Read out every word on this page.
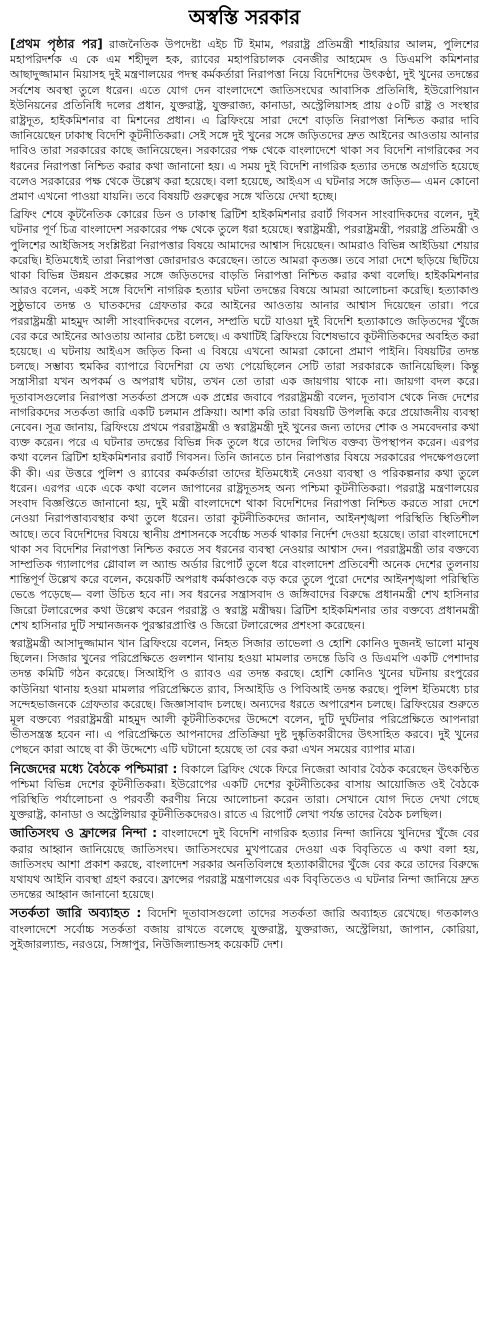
অস্বস্তি সরকার
[প্রথম পৃষ্ঠার পর] রাজনৈতিক উপদেষ্টা এইচ টি ইমাম, পররাষ্ট্র প্রতিমন্ত্রী শাহরিয়ার আলম, পুলিশের মহাপরিদর্শক এ কে এম শহীদুল হক, র‍্যাবের মহাপরিচালক বেনজীর আহমেদ ও ডিএমপি কমিশনার আছাদুজ্জামান মিয়াসহ দুই মন্ত্রণালয়ের পদস্থ কর্মকর্তারা নিরাপত্তা নিয়ে বিদেশিদের উৎকণ্ঠা, দুই খুনের তদন্তের সর্বশেষ অবস্থা তুলে ধরেন। এতে যোগ দেন বাংলাদেশে জাতিসংঘের আবাসিক প্রতিনিধি, ইউরোপিয়ান ইউনিয়নের প্রতিনিধি দলের প্রধান, যুক্তরাষ্ট্র, যুক্তরাজ্য, কানাডা, অস্ট্রেলিয়াসহ প্রায় ৫০টি রাষ্ট্র ও সংস্থার রাষ্ট্রদূত, হাইকমিশনার বা মিশনের প্রধান। এ ব্রিফিংয়ে সারা দেশে বাড়তি নিরাপত্তা নিশ্চিত করার দাবি জানিয়েছেন ঢাকাস্থ বিদেশি কূটনীতিকরা। সেই সঙ্গে দুই খুনের সঙ্গে জড়িতদের দ্রুত আইনের আওতায় আনার দাবিও তারা সরকারের কাছে জানিয়েছেন। সরকারের পক্ষ থেকে বাংলাদেশে থাকা সব বিদেশি নাগরিকের সব ধরনের নিরাপত্তা নিশ্চিত করার কথা জানানো হয়। এ সময় দুই বিদেশি নাগরিক হত্যার তদন্তে অগ্রগতি হয়েছে বলেও সরকারের পক্ষ থেকে উল্লেখ করা হয়েছে। বলা হয়েছে, আইএস এ ঘটনার সঙ্গে জড়িত— এমন কোনো প্রমাণ এখনো পাওয়া যায়নি। তবে বিষয়টি গুরুত্বের সঙ্গে খতিয়ে দেখা হচ্ছে।
ব্রিফিং শেষে কূটনৈতিক কোরের ডিন ও ঢাকাস্থ ব্রিটিশ হাইকমিশনার রবার্ট গিবসন সাংবাদিকদের বলেন, দুই ঘটনার পূর্ণ চিত্র বাংলাদেশ সরকারের পক্ষ থেকে তুলে ধরা হয়েছে। স্বরাষ্ট্রমন্ত্রী, পররাষ্ট্রমন্ত্রী, পররাষ্ট্র প্রতিমন্ত্রী ও পুলিশের আইজিসহ সংশ্লিষ্টরা নিরাপত্তার বিষয়ে আমাদের আশ্বাস দিয়েছেন। আমরাও বিভিন্ন আইডিয়া শেয়ার করেছি। ইতিমধ্যেই তারা নিরাপত্তা জোরদারও করেছেন। তাতে আমরা কৃতজ্ঞ। তবে সারা দেশে ছড়িয়ে ছিটিয়ে থাকা বিভিন্ন উন্নয়ন প্রকল্পের সঙ্গে জড়িতদের বাড়তি নিরাপত্তা নিশ্চিত করার কথা বলেছি। হাইকমিশনার আরও বলেন, একই সঙ্গে বিদেশি নাগরিক হত্যার ঘটনা তদন্তের বিষয়ে আমরা আলোচনা করেছি। হত্যাকাণ্ড সুষ্ঠুভাবে তদন্ত ও ঘাতকদের গ্রেফতার করে আইনের আওতায় আনার আশ্বাস দিয়েছেন তারা। পরে পররাষ্ট্রমন্ত্রী মাহমুদ আলী সাংবাদিকদের বলেন, সম্প্রতি ঘটে যাওয়া দুই বিদেশি হত্যাকাণ্ডে জড়িতদের খুঁজে বের করে আইনের আওতায় আনার চেষ্টা চলছে। এ কথাটিই ব্রিফিংয়ে বিশেষভাবে কূটনীতিকদের অবহিত করা হয়েছে। এ ঘটনায় আইএস জড়িত কিনা এ বিষয়ে এখনো আমরা কোনো প্রমাণ পাইনি। বিষয়টির তদন্ত চলছে। সম্ভাব্য হুমকির ব্যাপারে বিদেশিরা যে তথ্য পেয়েছিলেন সেটি তারা সরকারকে জানিয়েছিল। কিন্তু সন্ত্রাসীরা যখন অপকর্ম ও অপরাধ ঘটায়, তখন তো তারা এক জায়গায় থাকে না। জায়গা বদল করে। দূতাবাসগুলোর নিরাপত্তা সতর্কতা প্রসঙ্গে এক প্রশ্নের জবাবে পররাষ্ট্রমন্ত্রী বলেন, দূতাবাস থেকে নিজ দেশের নাগরিকদের সতর্কতা জারি একটি চলমান প্রক্রিয়া। আশা করি তারা বিষয়টি উপলব্ধি করে প্রয়োজনীয় ব্যবস্থা নেবেন। সূত্র জানায়, ব্রিফিংয়ে প্রথমে পররাষ্ট্রমন্ত্রী ও স্বরাষ্ট্রমন্ত্রী দুই খুনের জন্য তাদের শোক ও সমবেদনার কথা ব্যক্ত করেন। পরে এ ঘটনার তদন্তের বিভিন্ন দিক তুলে ধরে তাদের লিখিত বক্তব্য উপস্থাপন করেন। এরপর কথা বলেন ব্রিটিশ হাইকমিশনার রবার্ট গিবসন। তিনি জানতে চান নিরাপত্তার বিষয়ে সরকারের পদক্ষেপগুলো কী কী। এর উত্তরে পুলিশ ও র‍্যাবের কর্মকর্তারা তাদের ইতিমধ্যেই নেওয়া ব্যবস্থা ও পরিকল্পনার কথা তুলে ধরেন। এরপর একে একে কথা বলেন জাপানের রাষ্ট্রদূতসহ অন্য পশ্চিমা কূটনীতিকরা। পররাষ্ট্র মন্ত্রণালয়ের সংবাদ বিজ্ঞপ্তিতে জানানো হয়, দুই মন্ত্রী বাংলাদেশে থাকা বিদেশিদের নিরাপত্তা নিশ্চিত করতে সারা দেশে নেওয়া নিরাপত্তাব্যবস্থার কথা তুলে ধরেন। তারা কূটনীতিকদের জানান, আইনশৃঙ্খলা পরিস্থিতি স্থিতিশীল আছে। তবে বিদেশিদের বিষয়ে স্থানীয় প্রশাসনকে সর্বোচ্চ সতর্ক থাকার নির্দেশ দেওয়া হয়েছে। তারা বাংলাদেশে থাকা সব বিদেশির নিরাপত্তা নিশ্চিত করতে সব ধরনের ব্যবস্থা নেওয়ার আশ্বাস দেন। পররাষ্ট্রমন্ত্রী তার বক্তব্যে সাম্প্রতিক গ্যালাপের গ্লোবাল ল অ্যান্ড অর্ডার রিপোর্ট তুলে ধরে বাংলাদেশ প্রতিবেশী অনেক দেশের তুলনায় শান্তিপূর্ণ উল্লেখ করে বলেন, কয়েকটি অপরাধ কর্মকাণ্ডকে বড় করে তুলে পুরো দেশের আইনশৃঙ্খলা পরিস্থিতি ভেঙে পড়েছে— বলা উচিত হবে না। সব ধরনের সন্ত্রাসবাদ ও জঙ্গিবাদের বিরুদ্ধে প্রধানমন্ত্রী শেখ হাসিনার জিরো টলারেন্সের কথা উল্লেখ করেন পররাষ্ট্র ও স্বরাষ্ট্র মন্ত্রীদ্বয়। ব্রিটিশ হাইকমিশনার তার বক্তব্যে প্রধানমন্ত্রী শেখ হাসিনার দুটি সম্মানজনক পুরস্কারপ্রাপ্তি ও জিরো টলারেন্সের প্রশংসা করেছেন।
স্বরাষ্ট্রমন্ত্রী আসাদুজ্জামান খান ব্রিফিংয়ে বলেন, নিহত সিজার তাভেলা ও হোশি কোনিও দুজনই ভালো মানুষ ছিলেন। সিজার খুনের পরিপ্রেক্ষিতে গুলশান থানায় হওয়া মামলার তদন্তে ডিবি ও ডিএমপি একটি পেশাদার তদন্ত কমিটি গঠন করেছে। সিআইপি ও র‍্যাবও এর তদন্ত করছে। হোশি কোনিও খুনের ঘটনায় রংপুরের কাউনিয়া থানায় হওয়া মামলার পরিপ্রেক্ষিতে র‍্যাব, সিআইডি ও পিবিআই তদন্ত করছে। পুলিশ ইতিমধ্যে চার সন্দেহভাজনকে গ্রেফতার করেছে। জিজ্ঞাসাবাদ চলছে। অন্যদের ধরতে অপারেশন চলছে। ব্রিফিংয়ের শুরুতে মূল বক্তব্যে পররাষ্ট্রমন্ত্রী মাহমুদ আলী কূটনীতিকদের উদ্দেশে বলেন, দুটি দুর্ঘটনার পরিপ্রেক্ষিতে আপনারা ভীতসন্ত্রস্ত হবেন না। এ পরিপ্রেক্ষিতে আপনাদের প্রতিক্রিয়া দুষ্ট দুষ্কৃতিকারীদের উৎসাহিত করবে। দুই খুনের পেছনে কারা আছে বা কী উদ্দেশ্যে এটি ঘটানো হয়েছে তা বের করা এখন সময়ের ব্যাপার মাত্র।
নিজেদের মধ্যে বৈঠকে পশ্চিমারা : বিকালে ব্রিফিং থেকে ফিরে নিজেরা আবার বৈঠক করেছেন উৎকণ্ঠিত পশ্চিমা বিভিন্ন দেশের কূটনীতিকরা। ইউরোপের একটি দেশের কূটনীতিকের বাসায় আয়োজিত ওই বৈঠকে পরিস্থিতি পর্যালোচনা ও পরবর্তী করণীয় নিয়ে আলোচনা করেন তারা। সেখানে যোগ দিতে দেখা গেছে যুক্তরাষ্ট্র, কানাডা ও অস্ট্রেলিয়ার কূটনীতিকদেরও। রাতে এ রিপোর্ট লেখা পর্যন্ত তাদের বৈঠক চলছিল।
জাতিসংঘ ও ফ্রান্সের নিন্দা : বাংলাদেশে দুই বিদেশি নাগরিক হত্যার নিন্দা জানিয়ে খুনিদের খুঁজে বের করার আহ্বান জানিয়েছে জাতিসংঘ। জাতিসংঘের মুখপাত্রের দেওয়া এক বিবৃতিতে এ কথা বলা হয়, জাতিসংঘ আশা প্রকাশ করছে, বাংলাদেশ সরকার অনতিবিলম্বে হত্যাকারীদের খুঁজে বের করে তাদের বিরুদ্ধে যথাযথ আইনি ব্যবস্থা গ্রহণ করবে। ফ্রান্সের পররাষ্ট্র মন্ত্রণালয়ের এক বিবৃতিতেও এ ঘটনার নিন্দা জানিয়ে দ্রুত তদন্তের আহ্বান জানানো হয়েছে।
সতর্কতা জারি অব্যাহত : বিদেশি দূতাবাসগুলো তাদের সতর্কতা জারি অব্যাহত রেখেছে। গতকালও বাংলাদেশে সর্বোচ্চ সতর্কতা বজায় রাখতে বলেছে যুক্তরাষ্ট্র, যুক্তরাজ্য, অস্ট্রেলিয়া, জাপান, কোরিয়া, সুইজারল্যান্ড, নরওয়ে, সিঙ্গাপুর, নিউজিল্যান্ডসহ কয়েকটি দেশ।
